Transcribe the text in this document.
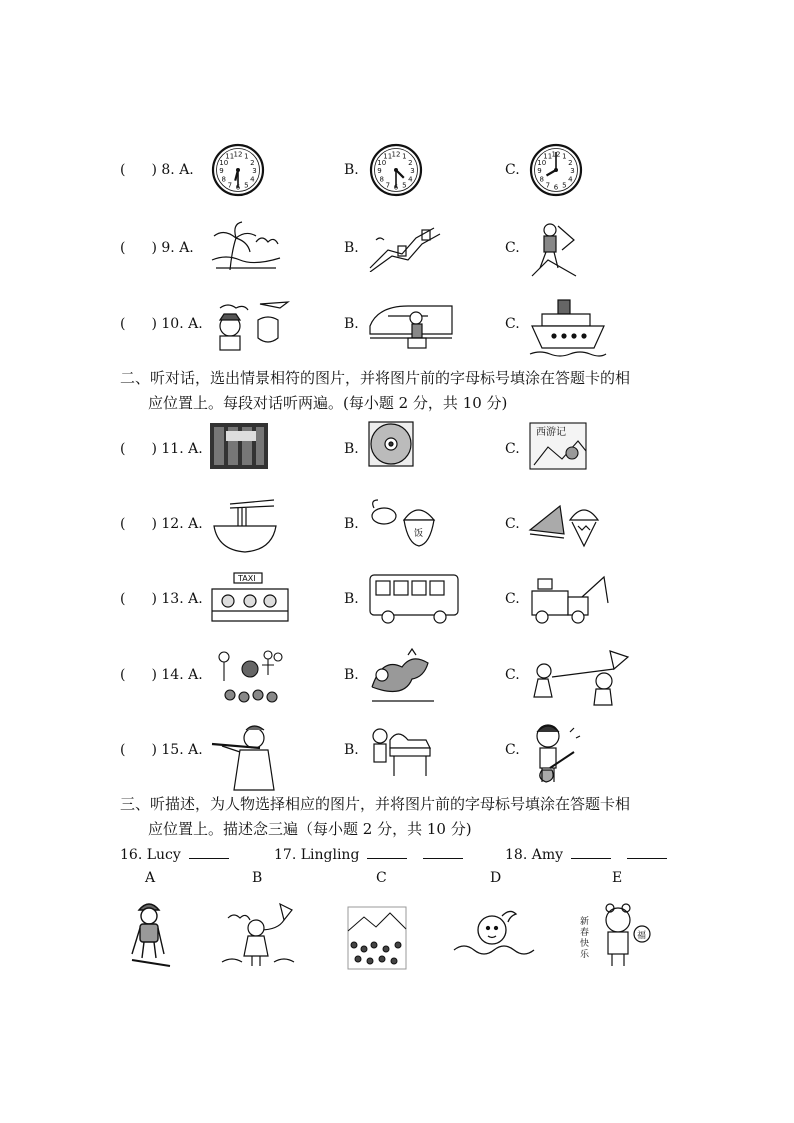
( ) 8. A.	B.	C.
1
2
3
4
5
6
7
8
9
10
11 12	1
2
3
4
5
6
7
8
9
10
11 12	1
2
3
4
5
6
7
8
9
10
11 12
( ) 9. A.	B.	C.
( ) 10. A.	B.	C.
( ) 11. A.	B.	C.
西游记
( ) 12. A.	B.	C.
饭
( ) 13. A.	B.	C.
TAXI
( ) 14. A.	B.	C.
( ) 15. A.	B.	C.
二、听对话，选出情景相符的图片，并将图片前的字母标号填涂在答题卡的相
应位置上。每段对话听两遍。(每小题 2 分，共 10 分)
三、听描述，为人物选择相应的图片，并将图片前的字母标号填涂在答题卡相
应位置上。描述念三遍（每小题 2 分，共 10 分)
16. Lucy	17. Lingling	18. Amy
A	B	C	D	E
福
新
春
快
乐
